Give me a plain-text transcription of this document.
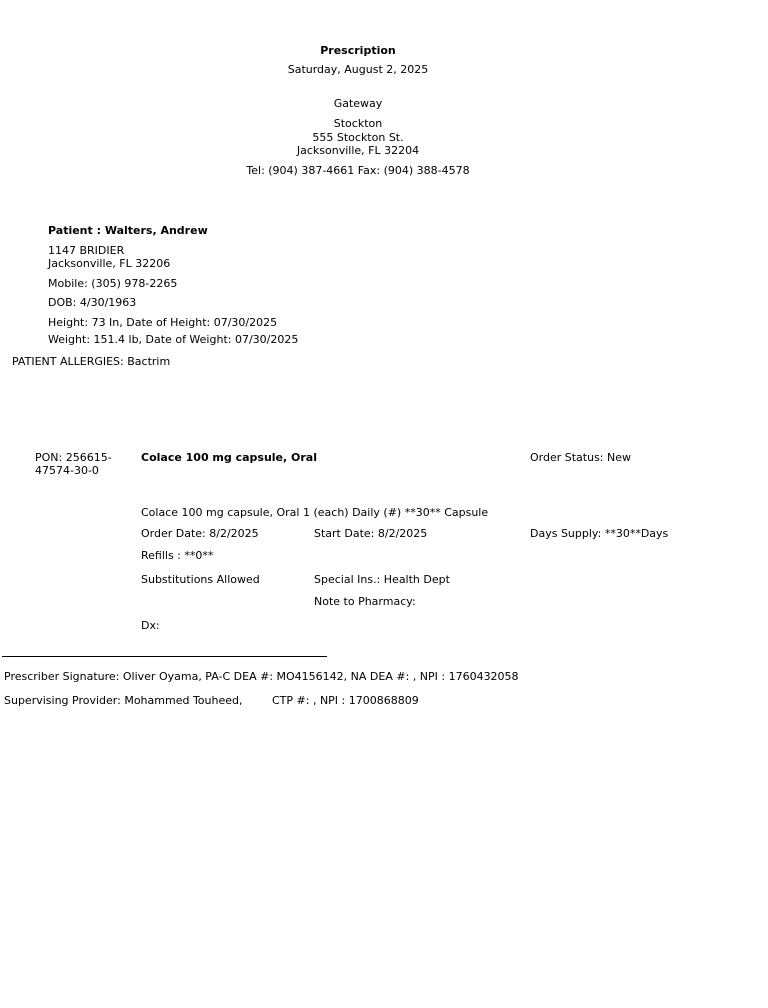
Prescription
Saturday, August 2, 2025
Gateway
Stockton
555 Stockton St.
Jacksonville, FL 32204
Tel: (904) 387-4661 Fax: (904) 388-4578
Patient : Walters, Andrew
1147 BRIDIER
Jacksonville, FL 32206
Mobile: (305) 978-2265
DOB: 4/30/1963
Height: 73 In, Date of Height: 07/30/2025
Weight: 151.4 lb, Date of Weight: 07/30/2025
PATIENT ALLERGIES: Bactrim
PON: 256615-
47574-30-0
Colace 100 mg capsule, Oral	Order Status: New
Colace 100 mg capsule, Oral 1 (each) Daily (#) **30** Capsule
Order Date: 8/2/2025	Start Date: 8/2/2025	Days Supply: **30**Days
Refills : **0**
Substitutions Allowed	Special Ins.: Health Dept
Note to Pharmacy:
Dx:
Prescriber Signature: Oliver Oyama, PA-C DEA #: MO4156142, NA DEA #: , NPI : 1760432058
Supervising Provider: Mohammed Touheed,	CTP #: , NPI : 1700868809
